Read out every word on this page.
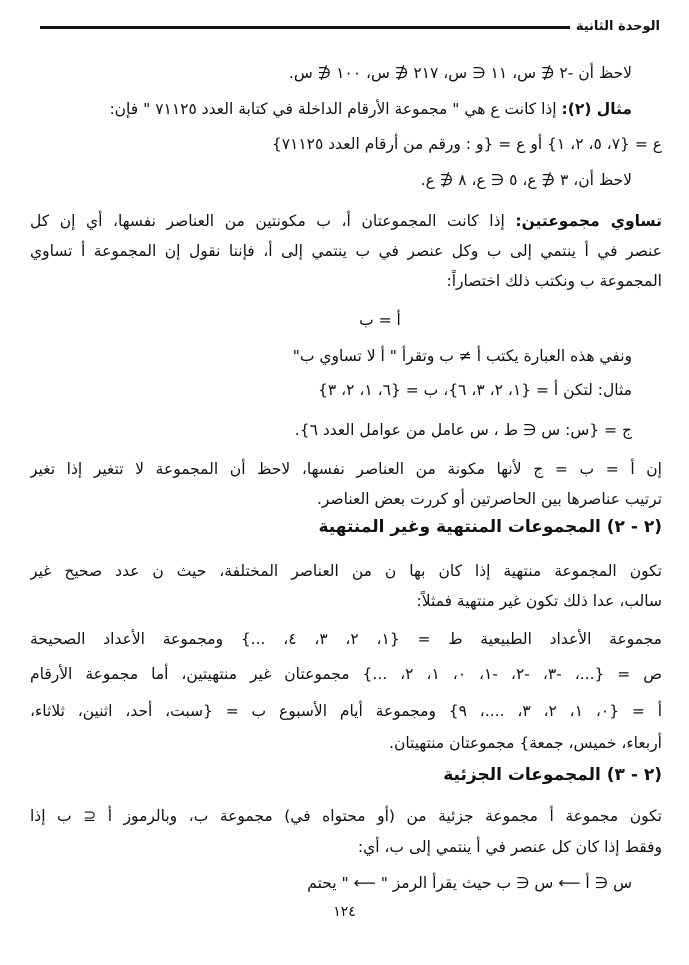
الوحدة الثانية
لاحظ أن -٢ ∉ س، ١١ ∈ س، ٢١٧ ∉ س، ١٠٠ ∉ س.
مثال (٢): إذا كانت ع هي " مجموعة الأرقام الداخلة في كتابة العدد ٧١١٢٥ " فإن:
ع = {٧، ٥، ٢، ١} أو ع = {و : ورقم من أرقام العدد ٧١١٢٥}
لاحظ أن، ٣ ∉ ع، ٥ ∈ ع، ٨ ∉ ع.
تساوي مجموعتين: إذا كانت المجموعتان أ، ب مكونتين من العناصر نفسها، أي إن كل
عنصر في أ ينتمي إلى ب وكل عنصر في ب ينتمي إلى أ، فإننا نقول إن المجموعة أ تساوي
المجموعة ب ونكتب ذلك اختصاراً:
أ = ب
ونفي هذه العبارة يكتب أ ≠ ب وتقرأ " أ لا تساوي ب"
مثال: لتكن أ = {١، ٢، ٣، ٦}، ب = {٦، ١، ٢، ٣}
ج = {س: س ∈ ط ، س عامل من عوامل العدد ٦}.
إن أ = ب = ج لأنها مكونة من العناصر نفسها، لاحظ أن المجموعة لا تتغير إذا تغير
ترتيب عناصرها بين الحاصرتين أو كررت بعض العناصر.
(٢ - ٢) المجموعات المنتهية وغير المنتهية
تكون المجموعة منتهية إذا كان بها ن من العناصر المختلفة، حيث ن عدد صحيح غير
سالب، عدا ذلك تكون غير منتهية فمثلاً:
مجموعة الأعداد الطبيعية ط = {١، ٢، ٣، ٤، ...} ومجموعة الأعداد الصحيحة
ص = {...، -٣، -٢، -١، ٠، ١، ٢، ...} مجموعتان غير منتهيتين، أما مجموعة الأرقام
أ = {٠، ١، ٢، ٣، ....، ٩} ومجموعة أيام الأسبوع ب = {سبت، أحد، اثنين، ثلاثاء،
أربعاء، خميس، جمعة} مجموعتان منتهيتان.
(٢ - ٣) المجموعات الجزئية
تكون مجموعة أ مجموعة جزئية من (أو محتواه في) مجموعة ب، وبالرموز أ ⊆ ب إذا
وفقط إذا كان كل عنصر في أ ينتمي إلى ب، أي:
س ∈ أ ⟵ س ∈ ب حيث يقرأ الرمز " ⟵ " يحتم
١٢٤
